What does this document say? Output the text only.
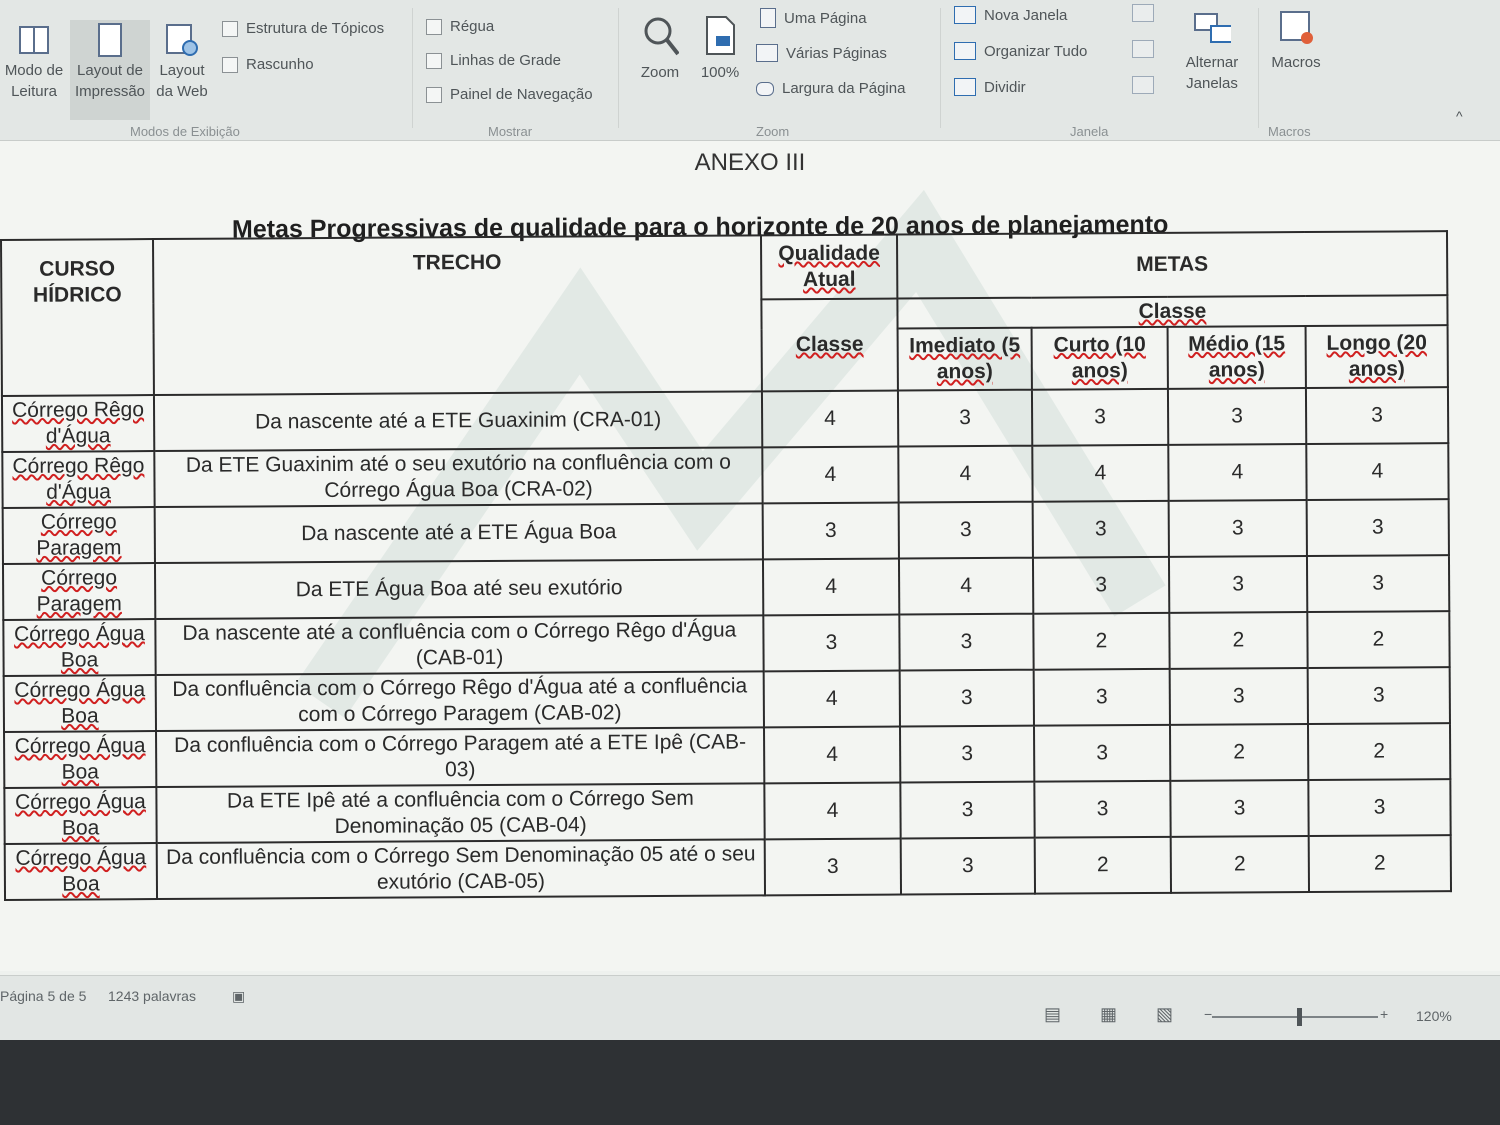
Modo de Leitura
Layout de Impressão
Layout da Web
Estrutura de Tópicos
Rascunho
Modos de Exibição
Régua
Linhas de Grade
Painel de Navegação
Mostrar
Zoom 100%
Uma Página
Várias Páginas
Largura da Página
Zoom
Nova Janela
Organizar Tudo
Dividir
Alternar Janelas
Janela
Macros
Macros
^
ANEXO III
Metas Progressivas de qualidade para o horizonte de 20 anos de planejamento
CURSO HÍDRICO	TRECHO	Qualidade Atual	METAS			
		Classe	Classe			
			Imediato (5 anos)	Curto (10 anos)	Médio (15 anos)	Longo (20 anos)
Córrego Rêgo d'Água	Da nascente até a ETE Guaxinim (CRA-01)	4	3	3	3	3
Córrego Rêgo d'Água	Da ETE Guaxinim até o seu exutório na confluência com o Córrego Água Boa (CRA-02)	4	4	4	4	4
Córrego Paragem	Da nascente até a ETE Água Boa	3	3	3	3	3
Córrego Paragem	Da ETE Água Boa até seu exutório	4	4	3	3	3
Córrego Água Boa	Da nascente até a confluência com o Córrego Rêgo d'Água (CAB-01)	3	3	2	2	2
Córrego Água Boa	Da confluência com o Córrego Rêgo d'Água até a confluência com o Córrego Paragem (CAB-02)	4	3	3	3	3
Córrego Água Boa	Da confluência com o Córrego Paragem até a ETE Ipê (CAB-03)	4	3	3	2	2
Córrego Água Boa	Da ETE Ipê até a confluência com o Córrego Sem Denominação 05 (CAB-04)	4	3	3	3	3
Córrego Água Boa	Da confluência com o Córrego Sem Denominação 05 até o seu exutório (CAB-05)	3	3	2	2	2
Página 5 de 5 1243 palavras	▣
▤ ▦ ▧ −	+ 120%
